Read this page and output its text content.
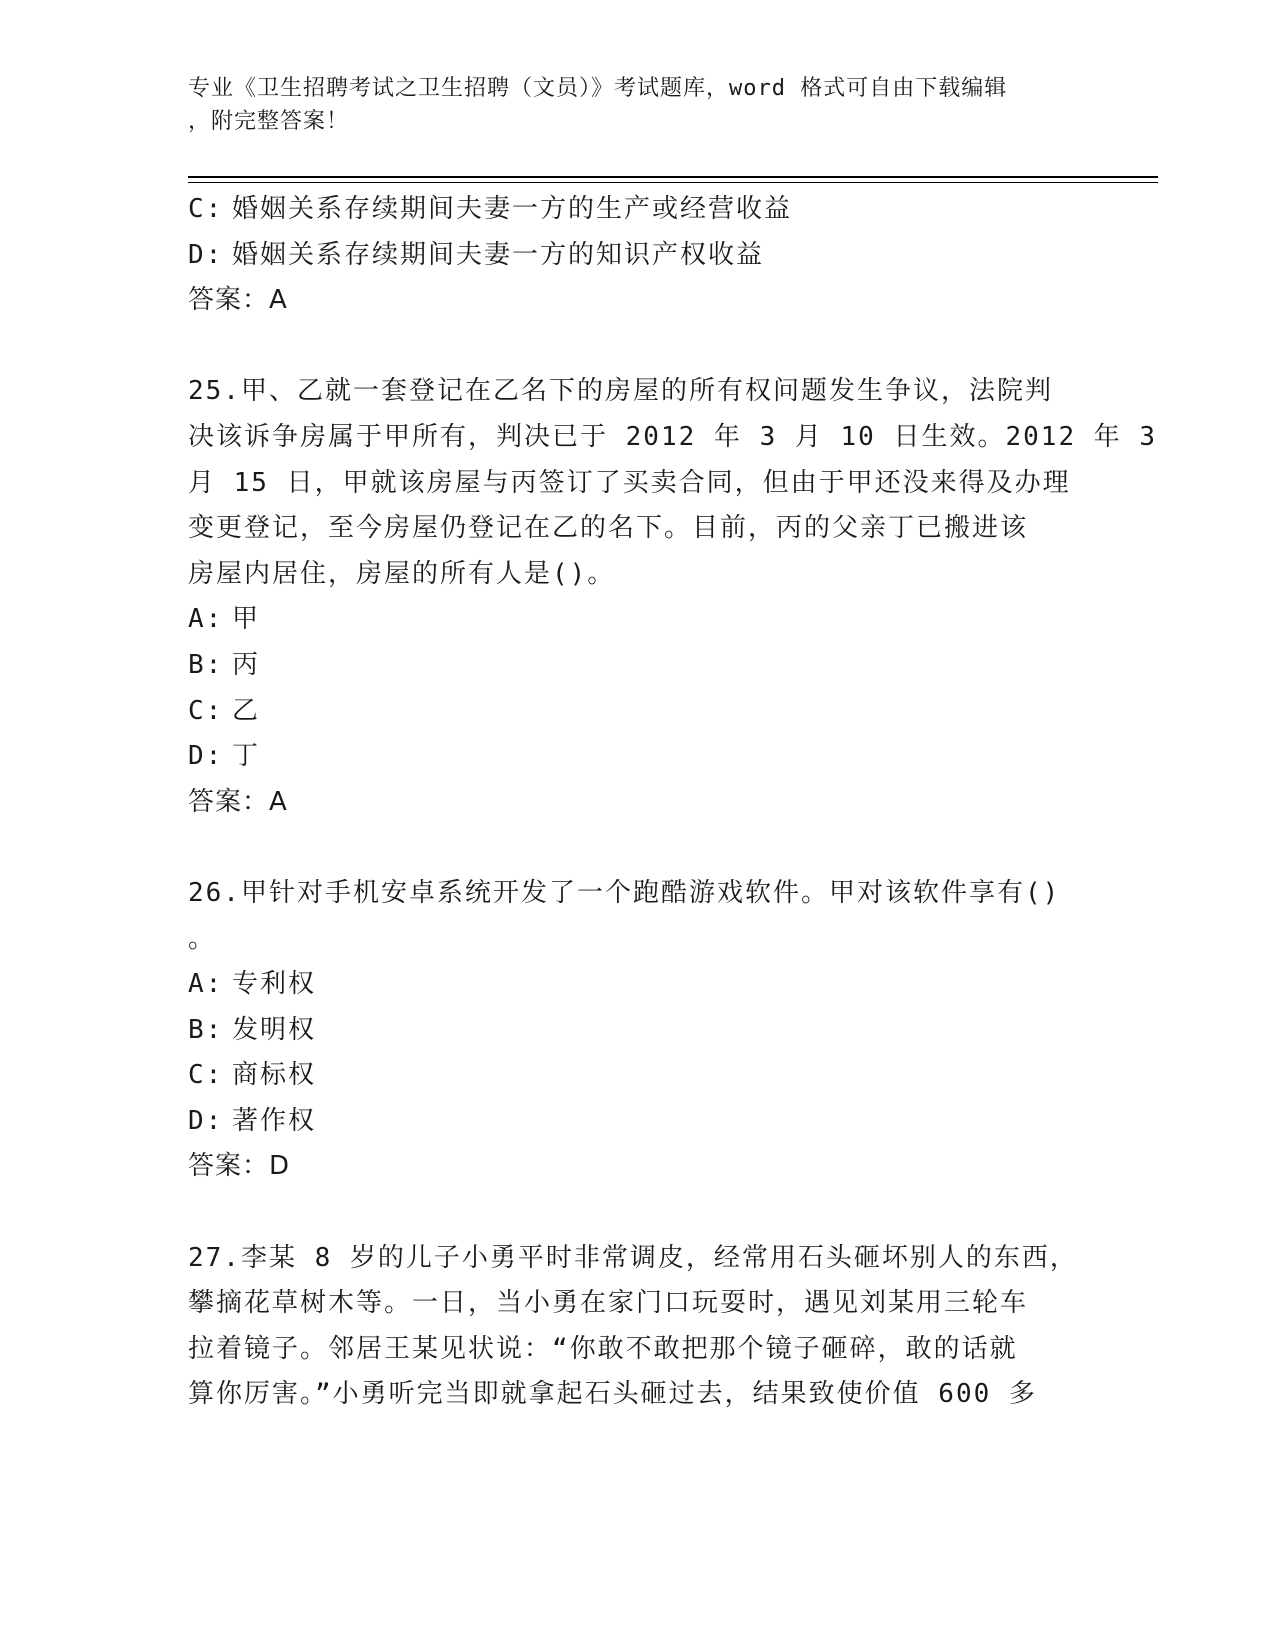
专业《卫生招聘考试之卫生招聘（文员）》考试题库，word 格式可自由下载编辑
，附完整答案！
C: 婚姻关系存续期间夫妻一方的生产或经营收益
D: 婚姻关系存续期间夫妻一方的知识产权收益
答案：A
25.甲、乙就一套登记在乙名下的房屋的所有权问题发生争议，法院判
决该诉争房属于甲所有，判决已于 2012 年 3 月 10 日生效。2012 年 3
月 15 日，甲就该房屋与丙签订了买卖合同，但由于甲还没来得及办理
变更登记，至今房屋仍登记在乙的名下。目前，丙的父亲丁已搬进该
房屋内居住，房屋的所有人是()。
A: 甲
B: 丙
C: 乙
D: 丁
答案：A
26.甲针对手机安卓系统开发了一个跑酷游戏软件。甲对该软件享有()
。
A: 专利权
B: 发明权
C: 商标权
D: 著作权
答案：D
27.李某 8 岁的儿子小勇平时非常调皮，经常用石头砸坏别人的东西，
攀摘花草树木等。一日，当小勇在家门口玩耍时，遇见刘某用三轮车
拉着镜子。邻居王某见状说：“你敢不敢把那个镜子砸碎，敢的话就
算你厉害。”小勇听完当即就拿起石头砸过去，结果致使价值 600 多
